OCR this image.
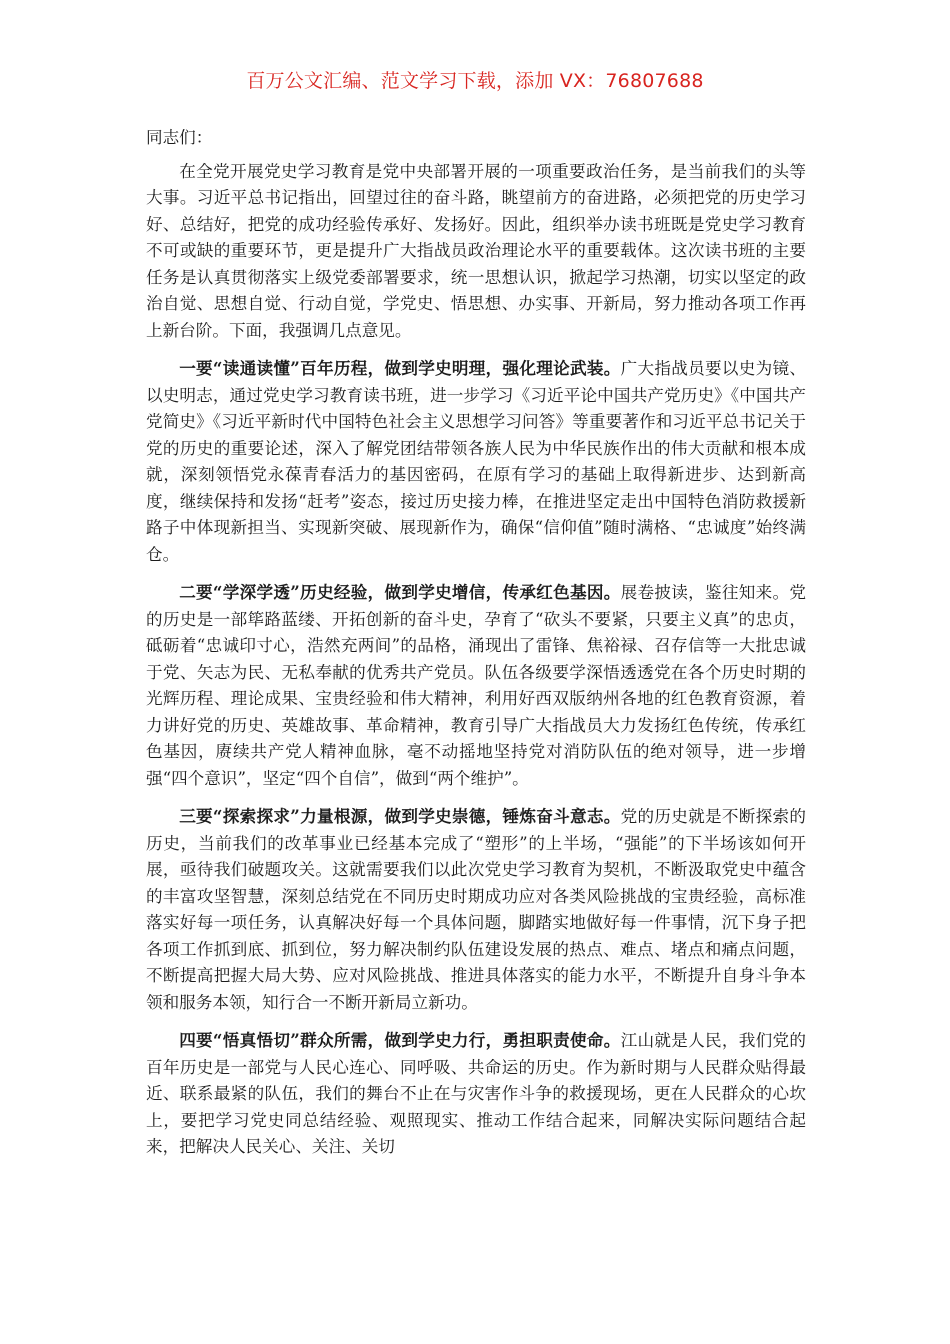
百万公文汇编、范文学习下载，添加 VX：76807688
同志们：

在全党开展党史学习教育是党中央部署开展的一项重要政治任务，是当前我们的头等大事。习近平总书记指出，回望过往的奋斗路，眺望前方的奋进路，必须把党的历史学习好、总结好，把党的成功经验传承好、发扬好。因此，组织举办读书班既是党史学习教育不可或缺的重要环节，更是提升广大指战员政治理论水平的重要载体。这次读书班的主要任务是认真贯彻落实上级党委部署要求，统一思想认识，掀起学习热潮，切实以坚定的政治自觉、思想自觉、行动自觉，学党史、悟思想、办实事、开新局，努力推动各项工作再上新台阶。下面，我强调几点意见。

一要“读通读懂”百年历程，做到学史明理，强化理论武装。广大指战员要以史为镜、以史明志，通过党史学习教育读书班，进一步学习《习近平论中国共产党历史》《中国共产党简史》《习近平新时代中国特色社会主义思想学习问答》等重要著作和习近平总书记关于党的历史的重要论述，深入了解党团结带领各族人民为中华民族作出的伟大贡献和根本成就，深刻领悟党永葆青春活力的基因密码，在原有学习的基础上取得新进步、达到新高度，继续保持和发扬“赶考”姿态，接过历史接力棒，在推进坚定走出中国特色消防救援新路子中体现新担当、实现新突破、展现新作为，确保“信仰值”随时满格、“忠诚度”始终满仓。

二要“学深学透”历史经验，做到学史增信，传承红色基因。展卷披读，鉴往知来。党的历史是一部筚路蓝缕、开拓创新的奋斗史，孕育了“砍头不要紧，只要主义真”的忠贞，砥砺着“忠诚印寸心，浩然充两间”的品格，涌现出了雷锋、焦裕禄、召存信等一大批忠诚于党、矢志为民、无私奉献的优秀共产党员。队伍各级要学深悟透透党在各个历史时期的光辉历程、理论成果、宝贵经验和伟大精神，利用好西双版纳州各地的红色教育资源，着力讲好党的历史、英雄故事、革命精神，教育引导广大指战员大力发扬红色传统，传承红色基因，赓续共产党人精神血脉，毫不动摇地坚持党对消防队伍的绝对领导，进一步增强“四个意识”，坚定“四个自信”，做到“两个维护”。

三要“探索探求”力量根源，做到学史崇德，锤炼奋斗意志。党的历史就是不断探索的历史，当前我们的改革事业已经基本完成了“塑形”的上半场，“强能”的下半场该如何开展，亟待我们破题攻关。这就需要我们以此次党史学习教育为契机，不断汲取党史中蕴含的丰富攻坚智慧，深刻总结党在不同历史时期成功应对各类风险挑战的宝贵经验，高标准落实好每一项任务，认真解决好每一个具体问题，脚踏实地做好每一件事情，沉下身子把各项工作抓到底、抓到位，努力解决制约队伍建设发展的热点、难点、堵点和痛点问题，不断提高把握大局大势、应对风险挑战、推进具体落实的能力水平，不断提升自身斗争本领和服务本领，知行合一不断开新局立新功。

四要“悟真悟切”群众所需，做到学史力行，勇担职责使命。江山就是人民，我们党的百年历史是一部党与人民心连心、同呼吸、共命运的历史。作为新时期与人民群众贴得最近、联系最紧的队伍，我们的舞台不止在与灾害作斗争的救援现场，更在人民群众的心坎上，要把学习党史同总结经验、观照现实、推动工作结合起来，同解决实际问题结合起来，把解决人民关心、关注、关切
